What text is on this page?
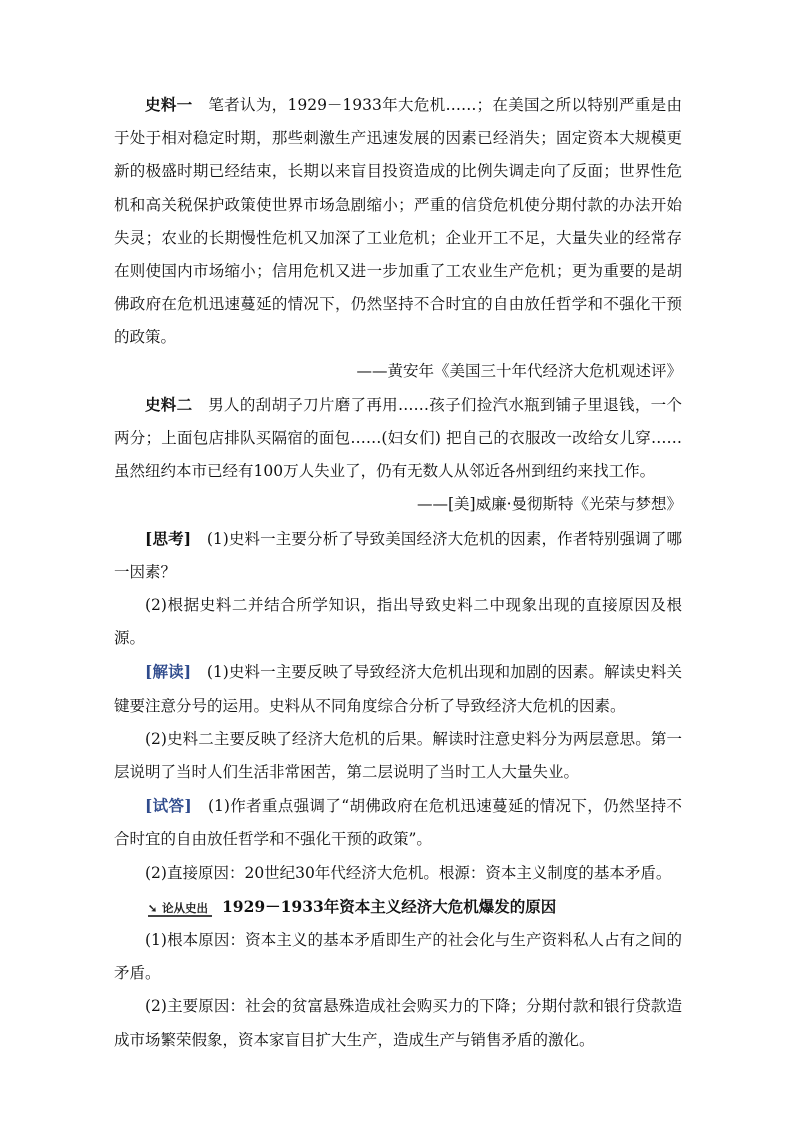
史料一　 笔者认为，1929－1933年大危机……；在美国之所以特别严重是由于处于相对稳定时期，那些刺激生产迅速发展的因素已经消失；固定资本大规模更新的极盛时期已经结束，长期以来盲目投资造成的比例失调走向了反面；世界性危机和高关税保护政策使世界市场急剧缩小；严重的信贷危机使分期付款的办法开始失灵；农业的长期慢性危机又加深了工业危机；企业开工不足，大量失业的经常存在则使国内市场缩小；信用危机又进一步加重了工农业生产危机；更为重要的是胡佛政府在危机迅速蔓延的情况下，仍然坚持不合时宜的自由放任哲学和不强化干预的政策。

——黄安年《美国三十年代经济大危机观述评》

史料二　 男人的刮胡子刀片磨了再用……孩子们捡汽水瓶到铺子里退钱，一个两分；上面包店排队买隔宿的面包……(妇女们) 把自己的衣服改一改给女儿穿……虽然纽约本市已经有100万人失业了，仍有无数人从邻近各州到纽约来找工作。

——[美]威廉·曼彻斯特《光荣与梦想》

[思考]　 (1)史料一主要分析了导致美国经济大危机的因素，作者特别强调了哪一因素？

(2)根据史料二并结合所学知识，指出导致史料二中现象出现的直接原因及根源。

[解读]　 (1)史料一主要反映了导致经济大危机出现和加剧的因素。解读史料关键要注意分号的运用。史料从不同角度综合分析了导致经济大危机的因素。

(2)史料二主要反映了经济大危机的后果。解读时注意史料分为两层意思。第一层说明了当时人们生活非常困苦，第二层说明了当时工人大量失业。

[试答]　 (1)作者重点强调了“胡佛政府在危机迅速蔓延的情况下，仍然坚持不合时宜的自由放任哲学和不强化干预的政策”。

(2)直接原因：20世纪30年代经济大危机。根源：资本主义制度的基本矛盾。

➘ 论从史出 1929－1933年资本主义经济大危机爆发的原因

(1)根本原因：资本主义的基本矛盾即生产的社会化与生产资料私人占有之间的矛盾。

(2)主要原因：社会的贫富悬殊造成社会购买力的下降；分期付款和银行贷款造成市场繁荣假象，资本家盲目扩大生产，造成生产与销售矛盾的激化。
